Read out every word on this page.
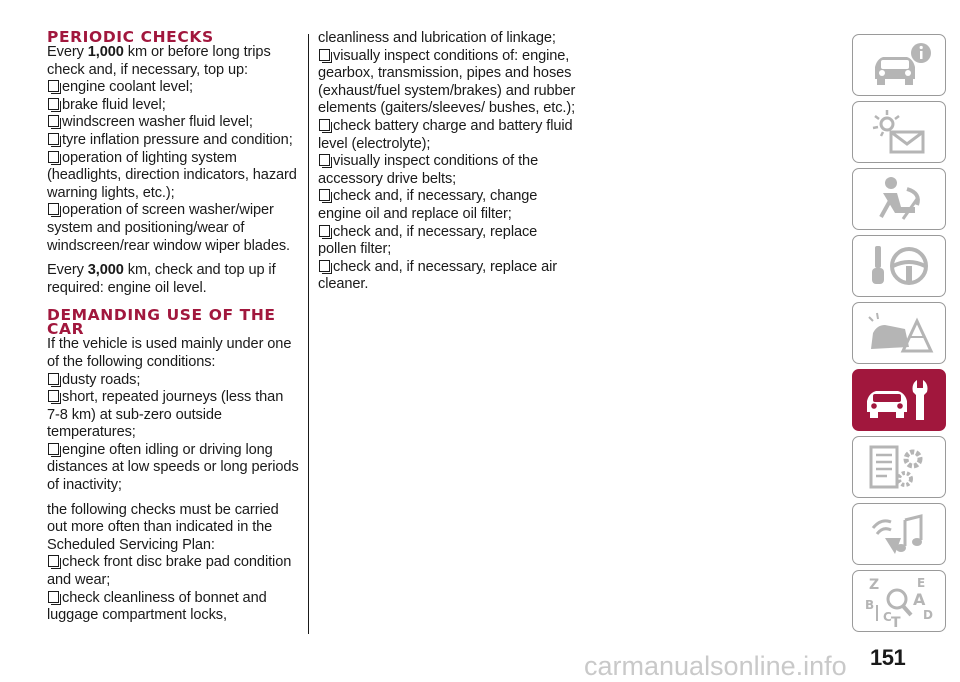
PERIODIC CHECKS

Every 1,000 km or before long trips check and, if necessary, top up:

engine coolant level;

brake fluid level;

windscreen washer fluid level;

tyre inflation pressure and condition;

operation of lighting system (headlights, direction indicators, hazard warning lights, etc.);

operation of screen washer/wiper system and positioning/wear of windscreen/rear window wiper blades.

Every 3,000 km, check and top up if required: engine oil level.

DEMANDING USE OF THE CAR

If the vehicle is used mainly under one of the following conditions:

dusty roads;

short, repeated journeys (less than 7-8 km) at sub-zero outside temperatures;

engine often idling or driving long distances at low speeds or long periods of inactivity;

the following checks must be carried out more often than indicated in the Scheduled Servicing Plan:

check front disc brake pad condition and wear;

check cleanliness of bonnet and luggage compartment locks,

cleanliness and lubrication of linkage;

visually inspect conditions of: engine, gearbox, transmission, pipes and hoses (exhaust/fuel system/brakes) and rubber elements (gaiters/sleeves/ bushes, etc.);

check battery charge and battery fluid level (electrolyte);

visually inspect conditions of the accessory drive belts;

check and, if necessary, change engine oil and replace oil filter;

check and, if necessary, replace pollen filter;

check and, if necessary, replace air cleaner.

Z	E
A
B
C	D
T
151
carmanualsonline.info
